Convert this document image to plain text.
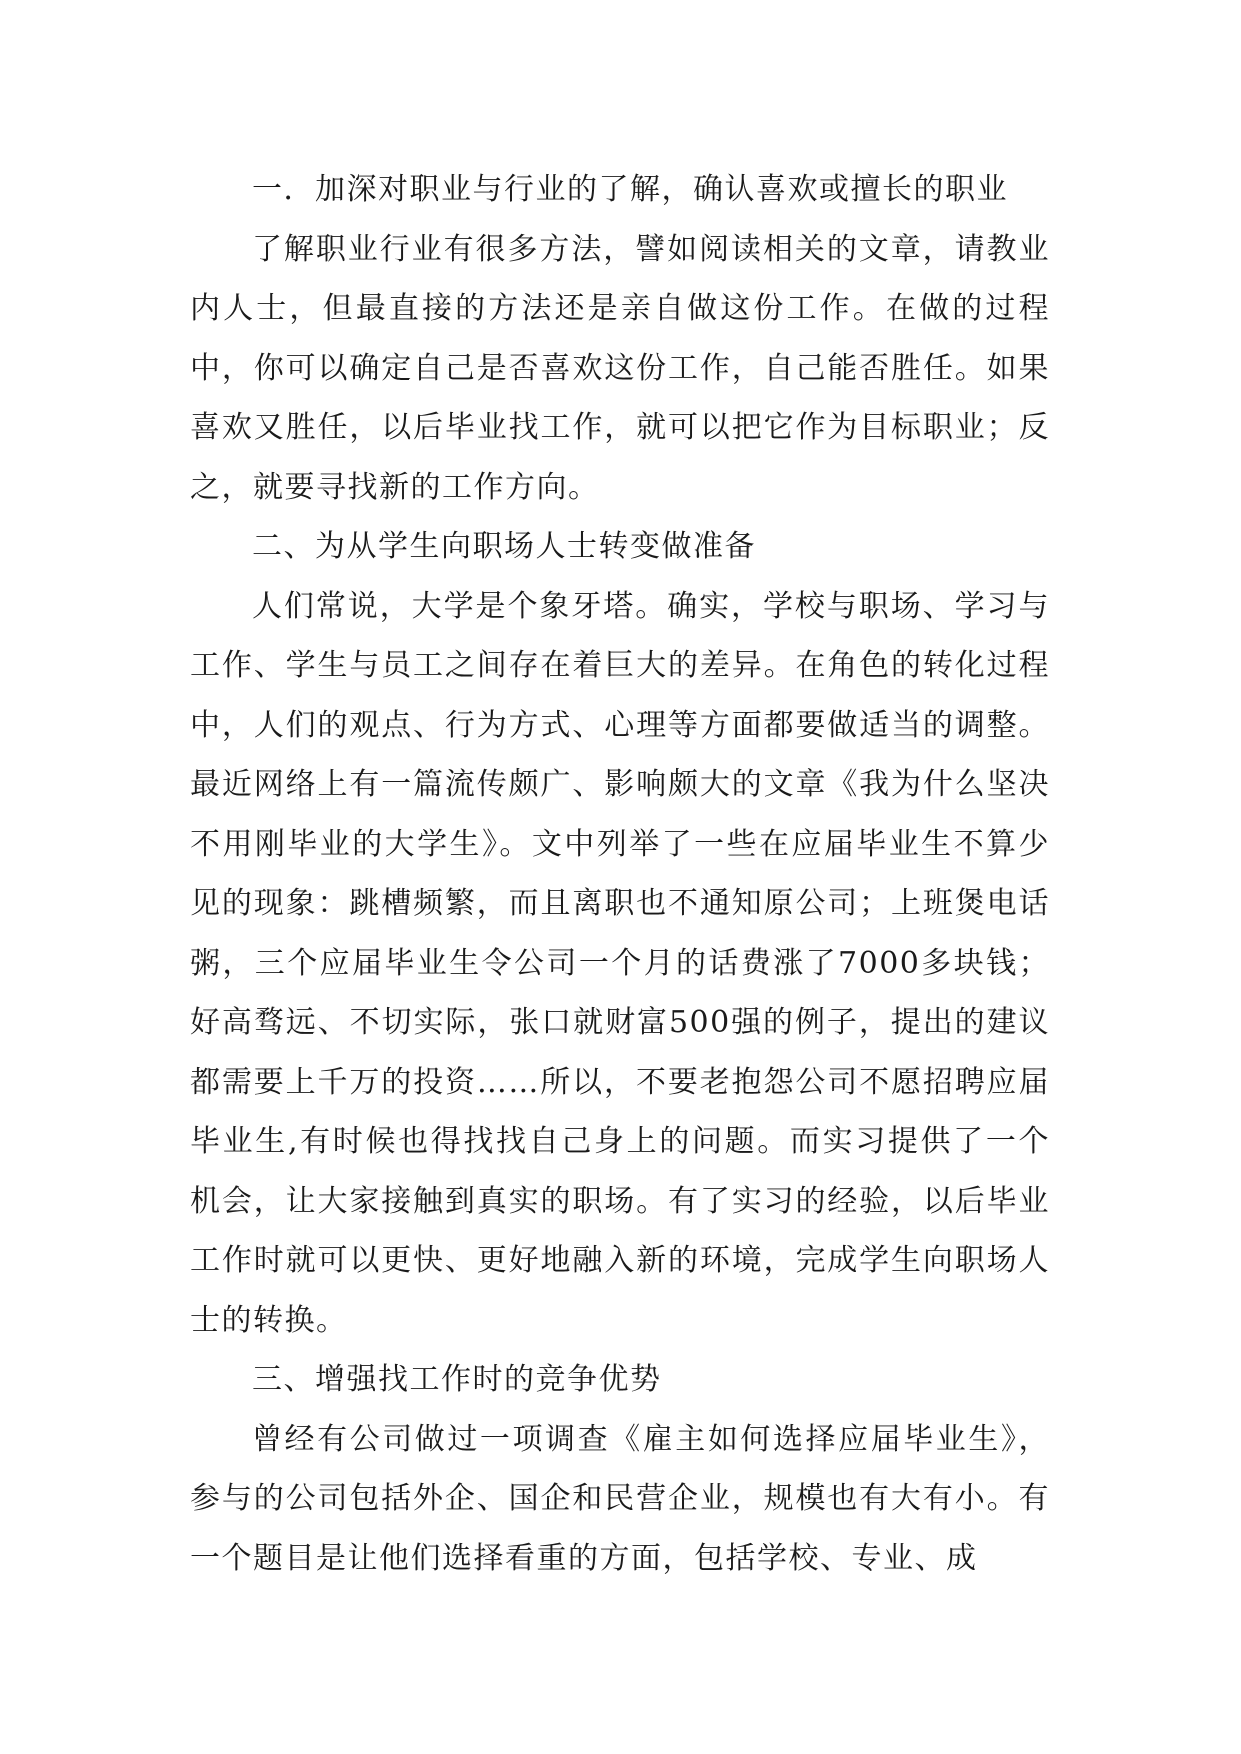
一．加深对职业与行业的了解，确认喜欢或擅长的职业

了解职业行业有很多方法，譬如阅读相关的文章，请教业内人士，但最直接的方法还是亲自做这份工作。在做的过程中，你可以确定自己是否喜欢这份工作，自己能否胜任。如果喜欢又胜任，以后毕业找工作，就可以把它作为目标职业；反之，就要寻找新的工作方向。

二、为从学生向职场人士转变做准备

人们常说，大学是个象牙塔。确实，学校与职场、学习与工作、学生与员工之间存在着巨大的差异。在角色的转化过程中，人们的观点、行为方式、心理等方面都要做适当的调整。最近网络上有一篇流传颇广、影响颇大的文章《我为什么坚决不用刚毕业的大学生》。文中列举了一些在应届毕业生不算少见的现象：跳槽频繁，而且离职也不通知原公司；上班煲电话粥，三个应届毕业生令公司一个月的话费涨了7000多块钱；好高骛远、不切实际，张口就财富500强的例子，提出的建议都需要上千万的投资……所以，不要老抱怨公司不愿招聘应届毕业生,有时候也得找找自己身上的问题。而实习提供了一个机会，让大家接触到真实的职场。有了实习的经验，以后毕业工作时就可以更快、更好地融入新的环境，完成学生向职场人士的转换。

三、增强找工作时的竞争优势

曾经有公司做过一项调查《雇主如何选择应届毕业生》，参与的公司包括外企、国企和民营企业，规模也有大有小。有一个题目是让他们选择看重的方面，包括学校、专业、成
